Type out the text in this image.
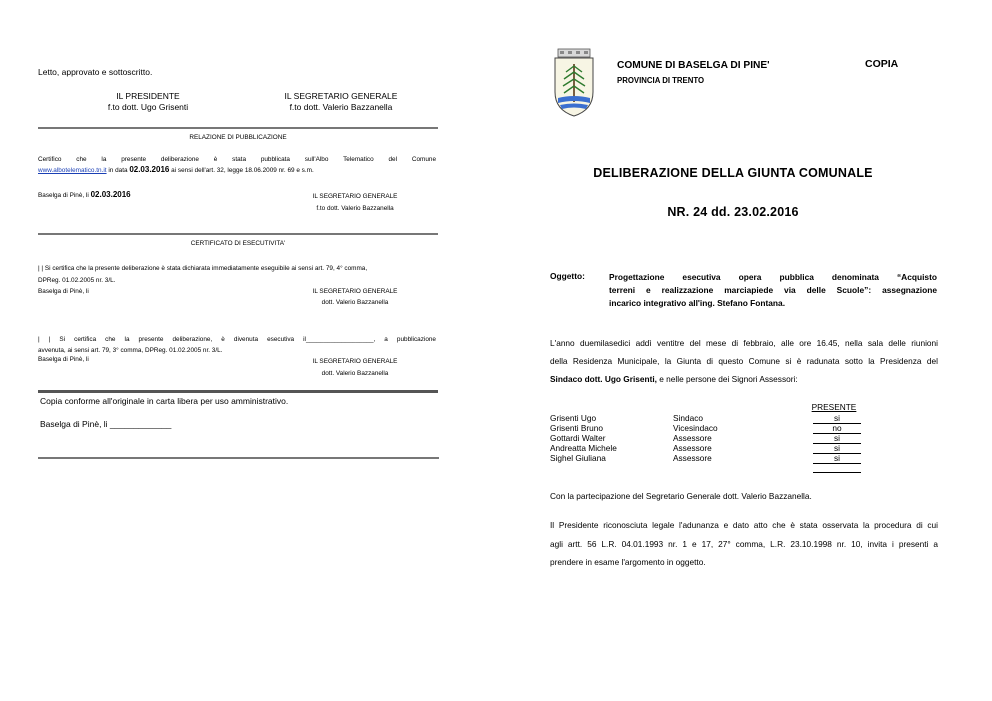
Letto, approvato e sottoscritto.
IL PRESIDENTE
f.to dott. Ugo Grisenti
IL SEGRETARIO GENERALE
f.to dott. Valerio Bazzanella
RELAZIONE DI PUBBLICAZIONE
Certifico che la presente deliberazione è stata pubblicata sull'Albo Telematico del Comune
www.albotelematico.tn.it in data 02.03.2016 ai sensi dell'art. 32, legge 18.06.2009 nr. 69 e s.m.
Baselga di Pinè, li 02.03.2016	IL SEGRETARIO GENERALE
f.to dott. Valerio Bazzanella
CERTIFICATO DI ESECUTIVITA'
| | Si certifica che la presente deliberazione è stata dichiarata immediatamente eseguibile ai sensi art. 79, 4° comma,
DPReg. 01.02.2005 nr. 3/L.
Baselga di Pinè, li	IL SEGRETARIO GENERALE
dott. Valerio Bazzanella
| | Si certifica che la presente deliberazione, è divenuta esecutiva il___________________, a pubblicazione
avvenuta, ai sensi art. 79, 3° comma, DPReg. 01.02.2005 nr. 3/L.
Baselga di Pinè, li	IL SEGRETARIO GENERALE
dott. Valerio Bazzanella
Copia conforme all'originale in carta libera per uso amministrativo.
Baselga di Pinè, li _____________
COMUNE DI BASELGA DI PINE'
PROVINCIA DI TRENTO
COPIA
DELIBERAZIONE DELLA GIUNTA COMUNALE
NR. 24 dd. 23.02.2016
Oggetto:	Progettazione esecutiva opera pubblica denominata “Acquisto
terreni e realizzazione marciapiede via delle Scuole”: assegnazione
incarico integrativo all'ing. Stefano Fontana.
L'anno duemilasedici addì ventitre del mese di febbraio, alle ore 16.45, nella sala delle riunioni
della Residenza Municipale, la Giunta di questo Comune si è radunata sotto la Presidenza del
Sindaco dott. Ugo Grisenti, e nelle persone dei Signori Assessori:
PRESENTE
Grisenti Ugo	Sindaco	si
Grisenti Bruno	Vicesindaco	no
Gottardi Walter	Assessore	si
Andreatta Michele	Assessore	si
Sighel Giuliana	Assessore	si
Con la partecipazione del Segretario Generale dott. Valerio Bazzanella.
Il Presidente riconosciuta legale l'adunanza e dato atto che è stata osservata la procedura di cui
agli artt. 56 L.R. 04.01.1993 nr. 1 e 17, 27° comma, L.R. 23.10.1998 nr. 10, invita i presenti a
prendere in esame l'argomento in oggetto.
